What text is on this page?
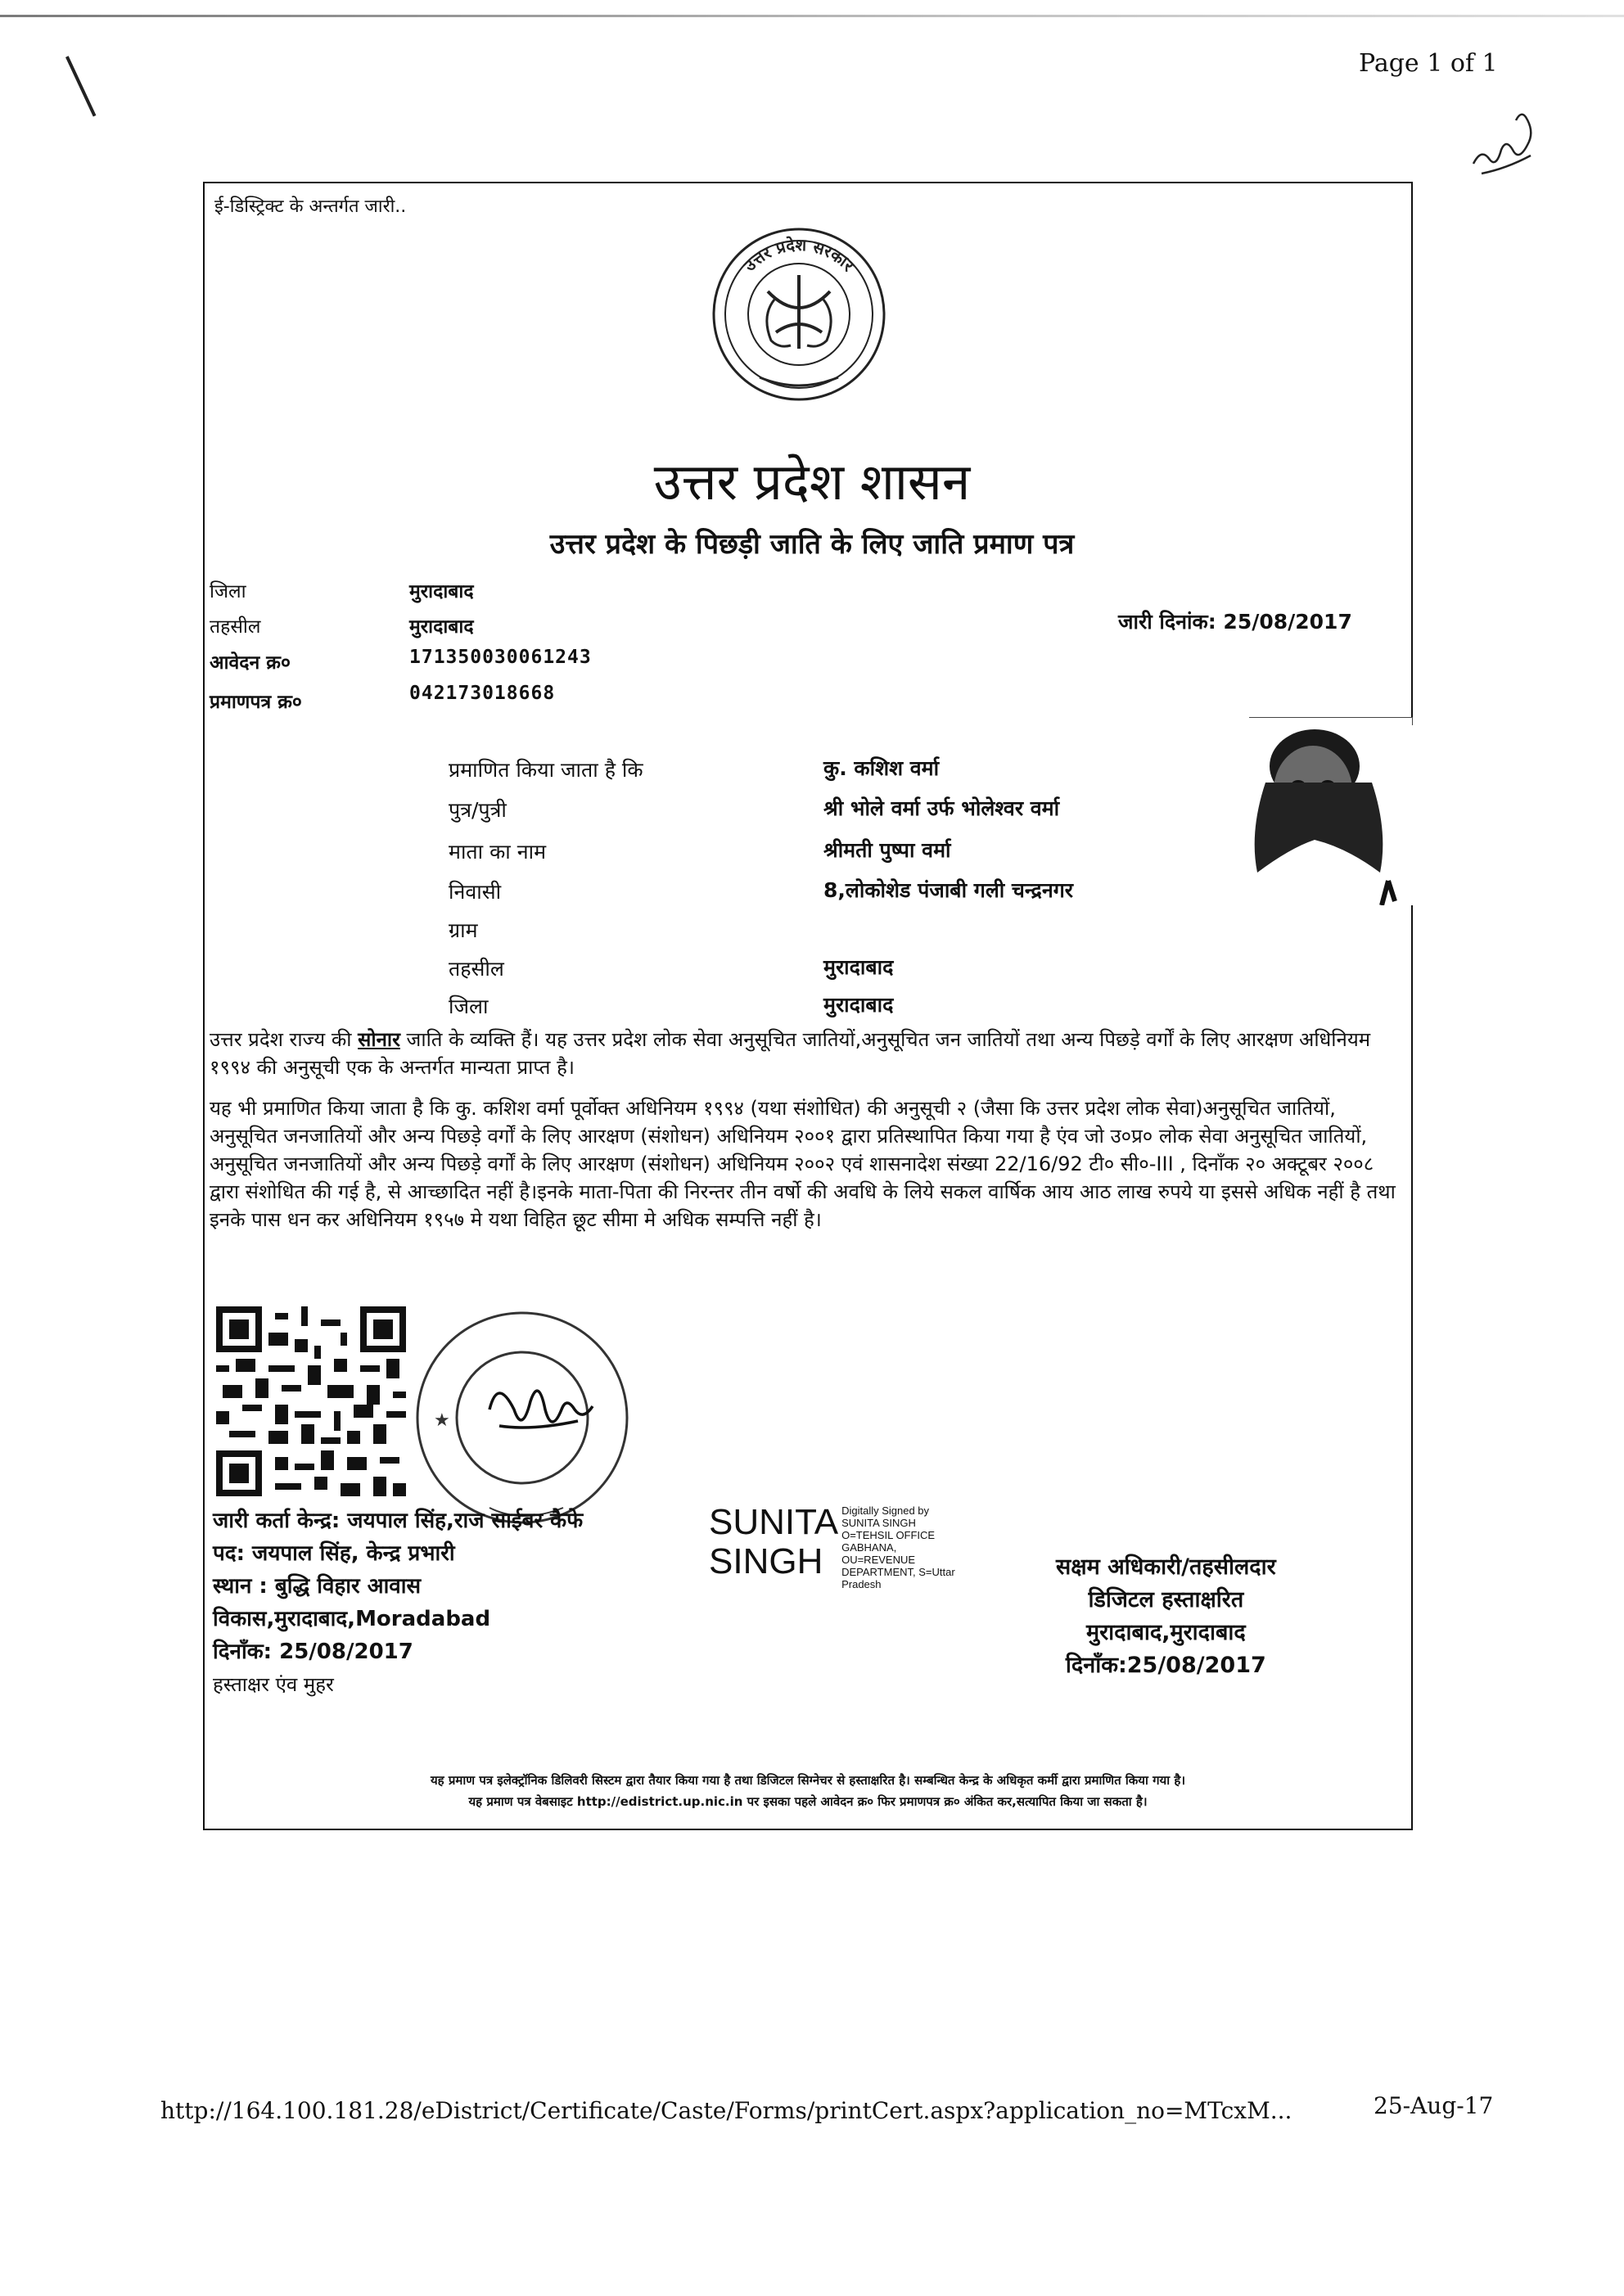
Page 1 of 1
ई-डिस्ट्रिक्ट के अन्तर्गत जारी..
उत्तर प्रदेश सरकार
उत्तर प्रदेश शासन
उत्तर प्रदेश के पिछड़ी जाति के लिए जाति प्रमाण पत्र
जिला	मुरादाबाद
तहसील	मुरादाबाद
आवेदन क्र०	171350030061243
प्रमाणपत्र क्र०	042173018668
जारी दिनांक: 25/08/2017
प्रमाणित किया जाता है कि	कु. कशिश वर्मा
पुत्र/पुत्री	श्री भोले वर्मा उर्फ भोलेश्वर वर्मा
माता का नाम	श्रीमती पुष्पा वर्मा
निवासी	8,लोकोशेड पंजाबी गली चन्द्रनगर
ग्राम
तहसील	मुरादाबाद
जिला	मुरादाबाद
उत्तर प्रदेश राज्य की सोनार जाति के व्यक्ति हैं। यह उत्तर प्रदेश लोक सेवा अनुसूचित जातियों,अनुसूचित जन जातियों तथा अन्य पिछड़े वर्गों के लिए आरक्षण अधिनियम १९९४ की अनुसूची एक के अन्तर्गत मान्यता प्राप्त है।
यह भी प्रमाणित किया जाता है कि कु. कशिश वर्मा पूर्वोक्त अधिनियम १९९४ (यथा संशोधित) की अनुसूची २ (जैसा कि उत्तर प्रदेश लोक सेवा)अनुसूचित जातियों, अनुसूचित जनजातियों और अन्य पिछड़े वर्गों के लिए आरक्षण (संशोधन) अधिनियम २००१ द्वारा प्रतिस्थापित किया गया है एंव जो उ०प्र० लोक सेवा अनुसूचित जातियों, अनुसूचित जनजातियों और अन्य पिछड़े वर्गों के लिए आरक्षण (संशोधन) अधिनियम २००२ एवं शासनादेश संख्या 22/16/92 टी० सी०-III , दिनाँक २० अक्टूबर २००८ द्वारा संशोधित की गई है, से आच्छादित नहीं है।इनके माता-पिता की निरन्तर तीन वर्षो की अवधि के लिये सकल वार्षिक आय आठ लाख रुपये या इससे अधिक नहीं है तथा इनके पास धन कर अधिनियम १९५७ मे यथा विहित छूट सीमा मे अधिक सम्पत्ति नहीं है।
★
जारी कर्ता केन्द्र: जयपाल सिंह,राज साईबर कैफे
पद: जयपाल सिंह, केन्द्र प्रभारी
स्थान : बुद्धि विहार आवास
विकास,मुरादाबाद,Moradabad
दिनाँक: 25/08/2017
हस्ताक्षर एंव मुहर
SUNITA
SINGH
Digitally Signed by
SUNITA SINGH
O=TEHSIL OFFICE
GABHANA,
OU=REVENUE
DEPARTMENT, S=Uttar
Pradesh
सक्षम अधिकारी/तहसीलदार
डिजिटल हस्ताक्षरित
मुरादाबाद,मुरादाबाद
दिनाँक:25/08/2017
यह प्रमाण पत्र इलेक्ट्रॉनिक डिलिवरी सिस्टम द्वारा तैयार किया गया है तथा डिजिटल सिग्नेचर से हस्ताक्षरित है। सम्बन्धित केन्द्र के अधिकृत कर्मी द्वारा प्रमाणित किया गया है।
यह प्रमाण पत्र वेबसाइट http://edistrict.up.nic.in पर इसका पहले आवेदन क्र० फिर प्रमाणपत्र क्र० अंकित कर,सत्यापित किया जा सकता है।
http://164.100.181.28/eDistrict/Certificate/Caste/Forms/printCert.aspx?application_no=MTcxM...	25-Aug-17
